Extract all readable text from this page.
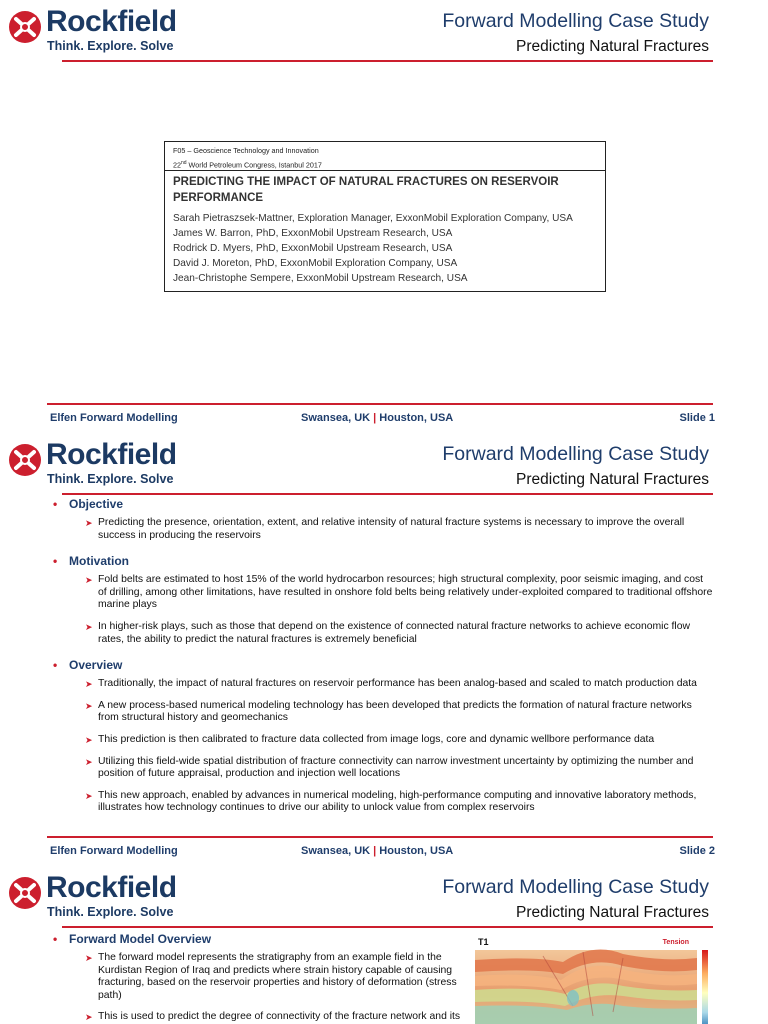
Rockfield
Think. Explore. Solve
Forward Modelling Case Study
Predicting Natural Fractures
F05 – Geoscience Technology and Innovation
22nd World Petroleum Congress, Istanbul 2017
PREDICTING THE IMPACT OF NATURAL FRACTURES ON RESERVOIR PERFORMANCE
Sarah Pietraszsek-Mattner, Exploration Manager, ExxonMobil Exploration Company, USA
James W. Barron, PhD, ExxonMobil Upstream Research, USA
Rodrick D. Myers, PhD, ExxonMobil Upstream Research, USA
David J. Moreton, PhD, ExxonMobil Exploration Company, USA
Jean-Christophe Sempere, ExxonMobil Upstream Research, USA
Elfen Forward Modelling	Swansea, UK | Houston, USA	Slide 1
Rockfield
Think. Explore. Solve
Forward Modelling Case Study
Predicting Natural Fractures
• Objective
➤ Predicting the presence, orientation, extent, and relative intensity of natural fracture systems is necessary to improve the overall success in producing the reservoirs
• Motivation
➤ Fold belts are estimated to host 15% of the world hydrocarbon resources; high structural complexity, poor seismic imaging, and cost of drilling, among other limitations, have resulted in onshore fold belts being relatively under-exploited compared to traditional offshore marine plays
➤ In higher-risk plays, such as those that depend on the existence of connected natural fracture networks to achieve economic flow rates, the ability to predict the natural fractures is extremely beneficial
• Overview
➤ Traditionally, the impact of natural fractures on reservoir performance has been analog-based and scaled to match production data
➤ A new process-based numerical modeling technology has been developed that predicts the formation of natural fracture networks from structural history and geomechanics
➤ This prediction is then calibrated to fracture data collected from image logs, core and dynamic wellbore performance data
➤ Utilizing this field-wide spatial distribution of fracture connectivity can narrow investment uncertainty by optimizing the number and position of future appraisal, production and injection well locations
➤ This new approach, enabled by advances in numerical modeling, high-performance computing and innovative laboratory methods, illustrates how technology continues to drive our ability to unlock value from complex reservoirs
Elfen Forward Modelling	Swansea, UK | Houston, USA	Slide 2
Rockfield
Think. Explore. Solve
Forward Modelling Case Study
Predicting Natural Fractures
• Forward Model Overview
➤ The forward model represents the stratigraphy from an example field in the Kurdistan Region of Iraq and predicts where strain history capable of causing fracturing, based on the reservoir properties and history of deformation (stress path)
➤ This is used to predict the degree of connectivity of the fracture network and its
T1	Tension
